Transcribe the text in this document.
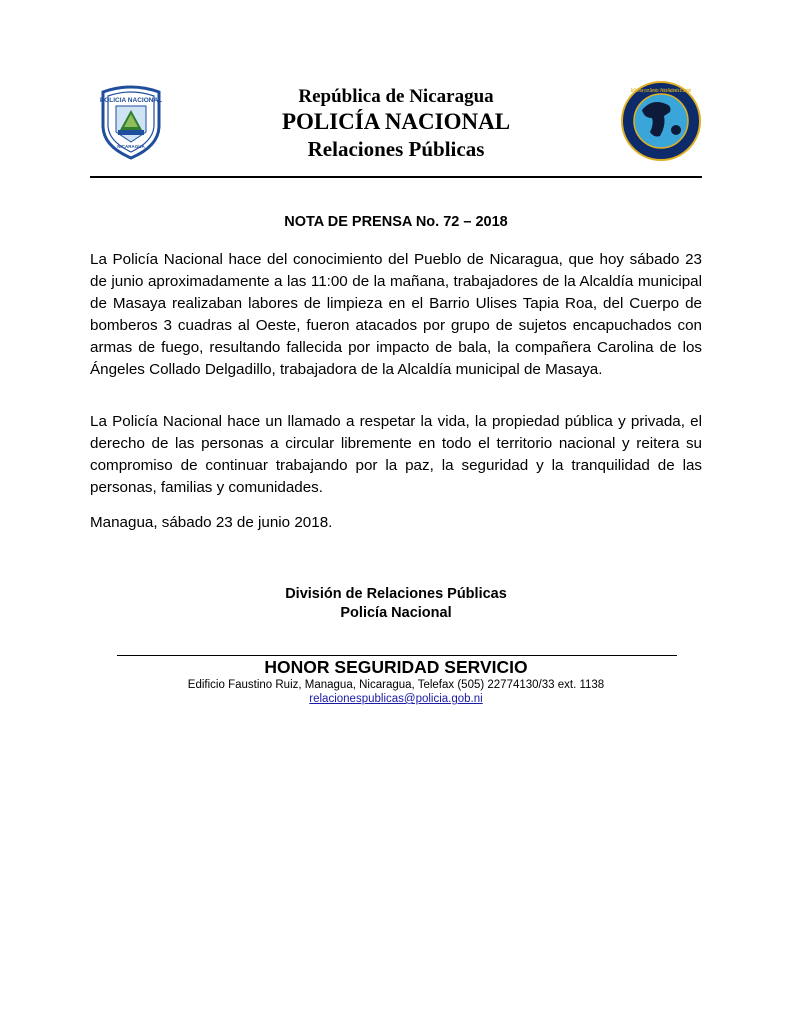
POLICIA NACIONAL
NICARAGUA
República de Nicaragua
POLICÍA NACIONAL
Relaciones Públicas
En Defensa y con Servicio · Policía Nacional a tu Servicio
NOTA DE PRENSA No. 72 – 2018

La Policía Nacional hace del conocimiento del Pueblo de Nicaragua, que hoy sábado 23 de junio aproximadamente a las 11:00 de la mañana, trabajadores de la Alcaldía municipal de Masaya realizaban labores de limpieza en el Barrio Ulises Tapia Roa, del Cuerpo de bomberos 3 cuadras al Oeste, fueron atacados por grupo de sujetos encapuchados con armas de fuego, resultando fallecida por impacto de bala, la compañera Carolina de los Ángeles Collado Delgadillo, trabajadora de la Alcaldía municipal de Masaya.

La Policía Nacional hace un llamado a respetar la vida, la propiedad pública y privada, el derecho de las personas a circular libremente en todo el territorio nacional y reitera su compromiso de continuar trabajando por la paz, la seguridad y la tranquilidad de las personas, familias y comunidades.

Managua, sábado 23 de junio 2018.

División de Relaciones Públicas
Policía Nacional
HONOR SEGURIDAD SERVICIO
Edificio Faustino Ruiz, Managua, Nicaragua, Telefax (505) 22774130/33 ext. 1138
relacionespublicas@policia.gob.ni
